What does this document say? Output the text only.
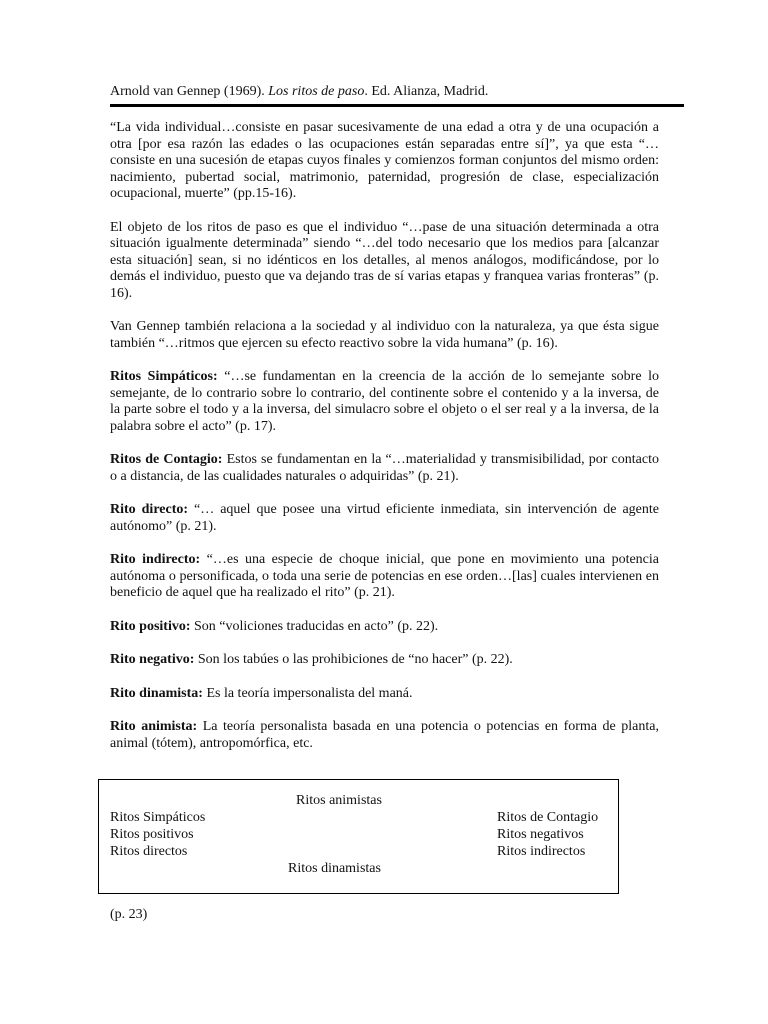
Arnold van Gennep (1969). Los ritos de paso. Ed. Alianza, Madrid.

“La vida individual…consiste en pasar sucesivamente de una edad a otra y de una ocupación a otra [por esa razón las edades o las ocupaciones están separadas entre sí]”, ya que esta “…consiste en una sucesión de etapas cuyos finales y comienzos forman conjuntos del mismo orden: nacimiento, pubertad social, matrimonio, paternidad, progresión de clase, especialización ocupacional, muerte” (pp.15-16).

El objeto de los ritos de paso es que el individuo “…pase de una situación determinada a otra situación igualmente determinada” siendo “…del todo necesario que los medios para [alcanzar esta situación] sean, si no idénticos en los detalles, al menos análogos, modificándose, por lo demás el individuo, puesto que va dejando tras de sí varias etapas y franquea varias fronteras” (p. 16).

Van Gennep también relaciona a la sociedad y al individuo con la naturaleza, ya que ésta sigue también “…ritmos que ejercen su efecto reactivo sobre la vida humana” (p. 16).

Ritos Simpáticos: “…se fundamentan en la creencia de la acción de lo semejante sobre lo semejante, de lo contrario sobre lo contrario, del continente sobre el contenido y a la inversa, de la parte sobre el todo y a la inversa, del simulacro sobre el objeto o el ser real y a la inversa, de la palabra sobre el acto” (p. 17).

Ritos de Contagio: Estos se fundamentan en la “…materialidad y transmisibilidad, por contacto o a distancia, de las cualidades naturales o adquiridas” (p. 21).

Rito directo: “… aquel que posee una virtud eficiente inmediata, sin intervención de agente autónomo” (p. 21).

Rito indirecto: “…es una especie de choque inicial, que pone en movimiento una potencia autónoma o personificada, o toda una serie de potencias en ese orden…[las] cuales intervienen en beneficio de aquel que ha realizado el rito” (p. 21).

Rito positivo: Son “voliciones traducidas en acto” (p. 22).

Rito negativo: Son los tabúes o las prohibiciones de “no hacer” (p. 22).

Rito dinamista: Es la teoría impersonalista del maná.

Rito animista: La teoría personalista basada en una potencia o potencias en forma de planta, animal (tótem), antropomórfica, etc.

Ritos animistas
Ritos Simpáticos
Ritos positivos
Ritos directos
Ritos de Contagio
Ritos negativos
Ritos indirectos
Ritos dinamistas
(p. 23)
